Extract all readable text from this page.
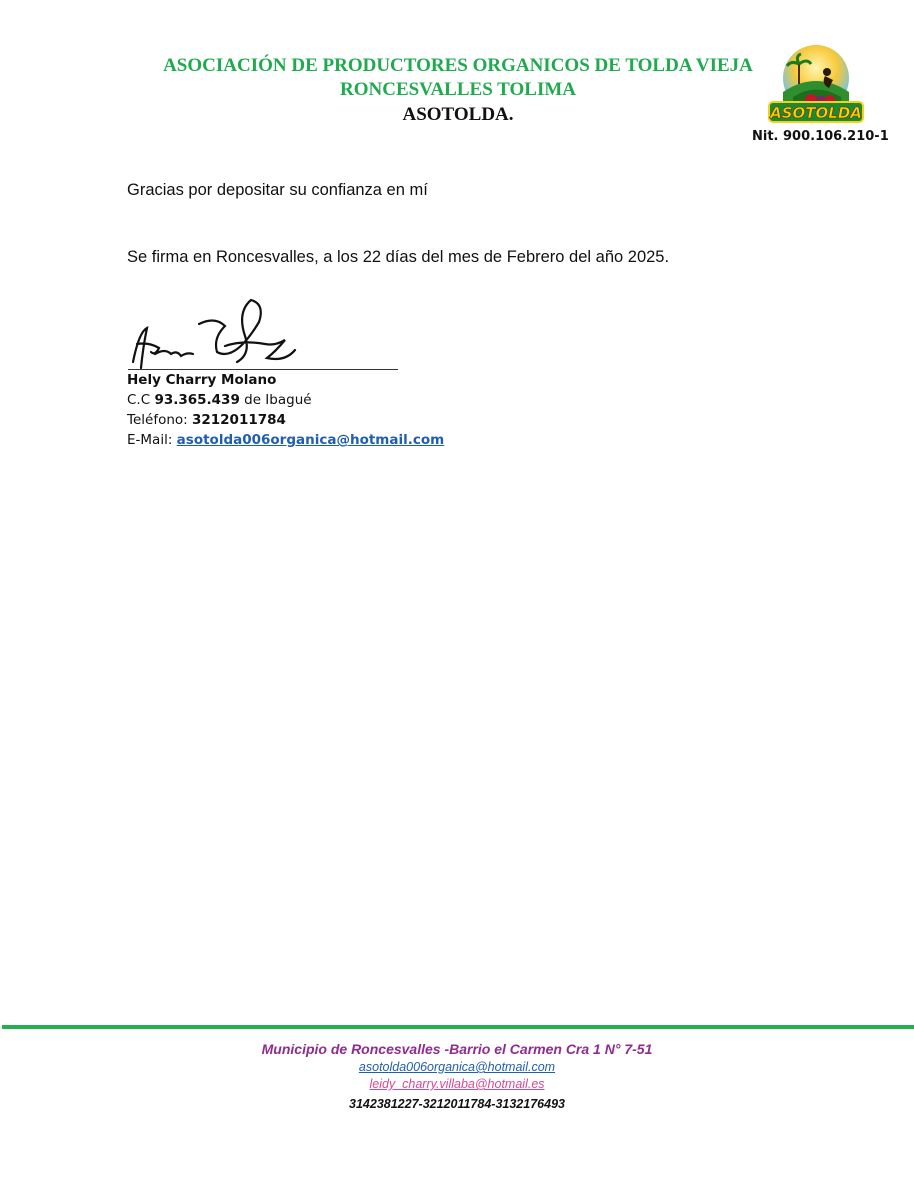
ASOCIACIÓN DE PRODUCTORES ORGANICOS DE TOLDA VIEJA
RONCESVALLES TOLIMA
ASOTOLDA.	ASOTOLDA
Nit. 900.106.210-1
Gracias por depositar su confianza en mí
Se firma en Roncesvalles, a los 22 días del mes de Febrero del año 2025.
Hely Charry Molano
C.C 93.365.439 de Ibagué
Teléfono: 3212011784
E-Mail: asotolda006organica@hotmail.com
Municipio de Roncesvalles -Barrio el Carmen Cra 1 N° 7-51
asotolda006organica@hotmail.com
leidy_charry.villaba@hotmail.es
3142381227-3212011784-3132176493
